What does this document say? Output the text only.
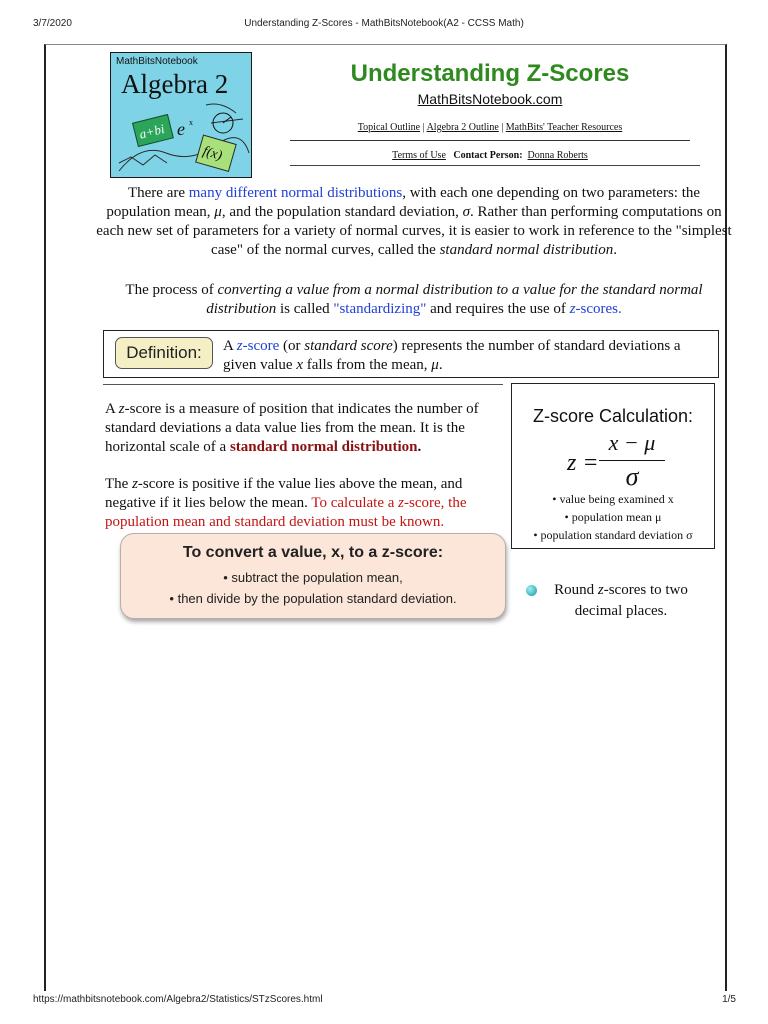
3/7/2020	Understanding Z-Scores - MathBitsNotebook(A2 - CCSS Math)
https://mathbitsnotebook.com/Algebra2/Statistics/STzScores.html	1/5
MathBitsNotebook
Algebra 2
a+bi e x
f(x)
Understanding Z-Scores
MathBitsNotebook.com
Topical Outline | Algebra 2 Outline | MathBits' Teacher Resources
Terms of Use Contact Person: Donna Roberts
There are many different normal distributions, with each one depending on two parameters: the population mean, μ, and the population standard deviation, σ. Rather than performing computations on each new set of parameters for a variety of normal curves, it is easier to work in reference to the "simplest case" of the normal curves, called the standard normal distribution.
The process of converting a value from a normal distribution to a value for the standard normal distribution is called "standardizing" and requires the use of z-scores.
Definition:	A z-score (or standard score) represents the number of standard deviations a given value x falls from the mean, μ.
A z-score is a measure of position that indicates the number of standard deviations a data value lies from the mean. It is the horizontal scale of a standard normal distribution.
The z-score is positive if the value lies above the mean, and negative if it lies below the mean. To calculate a z-score, the population mean and standard deviation must be known.
Z-score Calculation:
z =
x − μ
σ
• value being examined x
• population mean μ
• population standard deviation σ
To convert a value, x, to a z-score:
• subtract the population mean,
• then divide by the population standard deviation.
Round z-scores to two decimal places.
